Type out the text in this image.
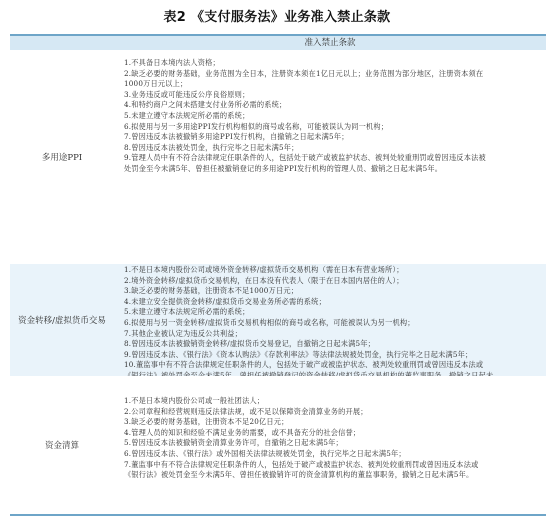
表2 《支付服务法》业务准入禁止条款
准入禁止条款
多用途PPI
1.不具备日本境内法人资格；
2.缺乏必要的财务基础，业务范围为全日本，注册资本须在1亿日元以上；业务范围为部分地区，注册资本须在
1000万日元以上；
3.业务违反或可能违反公序良俗原则；
4.和特约商户之间未搭建支付业务所必需的系统；
5.未建立遵守本法规定所必需的系统；
6.拟使用与另一多用途PPI发行机构相似的商号或名称，可能被误认为同一机构；
7.曾因违反本法被撤销多用途PPI发行机构，自撤销之日起未满5年；
8.曾因违反本法被处罚金，执行完毕之日起未满5年；
9.管理人员中有不符合法律规定任职条件的人，包括处于破产或被监护状态、被判处较重刑罚或曾因违反本法被
处罚金至今未满5年、曾担任被撤销登记的多用途PPI发行机构的管理人员、撤销之日起未满5年。
资金转移/虚拟货币交易
1.不是日本境内股份公司或境外资金转移/虚拟货币交易机构（需在日本有营业场所）；
2.境外资金转移/虚拟货币交易机构，在日本没有代表人（限于在日本国内居住的人）；
3.缺乏必要的财务基础，注册资本不足1000万日元；
4.未建立安全提供资金转移/虚拟货币交易业务所必需的系统；
5.未建立遵守本法规定所必需的系统；
6.拟使用与另一资金转移/虚拟货币交易机构相似的商号或名称，可能被误认为另一机构；
7.其他企业被认定为违反公共利益；
8.曾因违反本法被撤销资金转移/虚拟货币交易登记，自撤销之日起未满5年；
9.曾因违反本法、《银行法》《资本认购法》《存款利率法》等法律法规被处罚金，执行完毕之日起未满5年；
10.董监事中有不符合法律规定任职条件的人，包括处于破产或被监护状态、被判处较重刑罚或曾因违反本法或

资金清算
1.不是日本境内股份公司或一般社团法人；
2.公司章程和经营规则违反法律法规，或不足以保障资金清算业务的开展；
3.缺乏必要的财务基础，注册资本不足20亿日元；
4.管理人员的知识和经验不满足业务的需要，或不具备充分的社会信誉；
5.曾因违反本法被撤销资金清算业务许可，自撤销之日起未满5年；
6.曾因违反本法、《银行法》或外国相关法律法规被处罚金，执行完毕之日起未满5年；
7.董监事中有不符合法律规定任职条件的人，包括处于破产或被监护状态、被判处较重刑罚或曾因违反本法或
《银行法》被处罚金至今未满5年、曾担任被撤销许可的资金清算机构的董监事职务，撤销之日起未满5年。
